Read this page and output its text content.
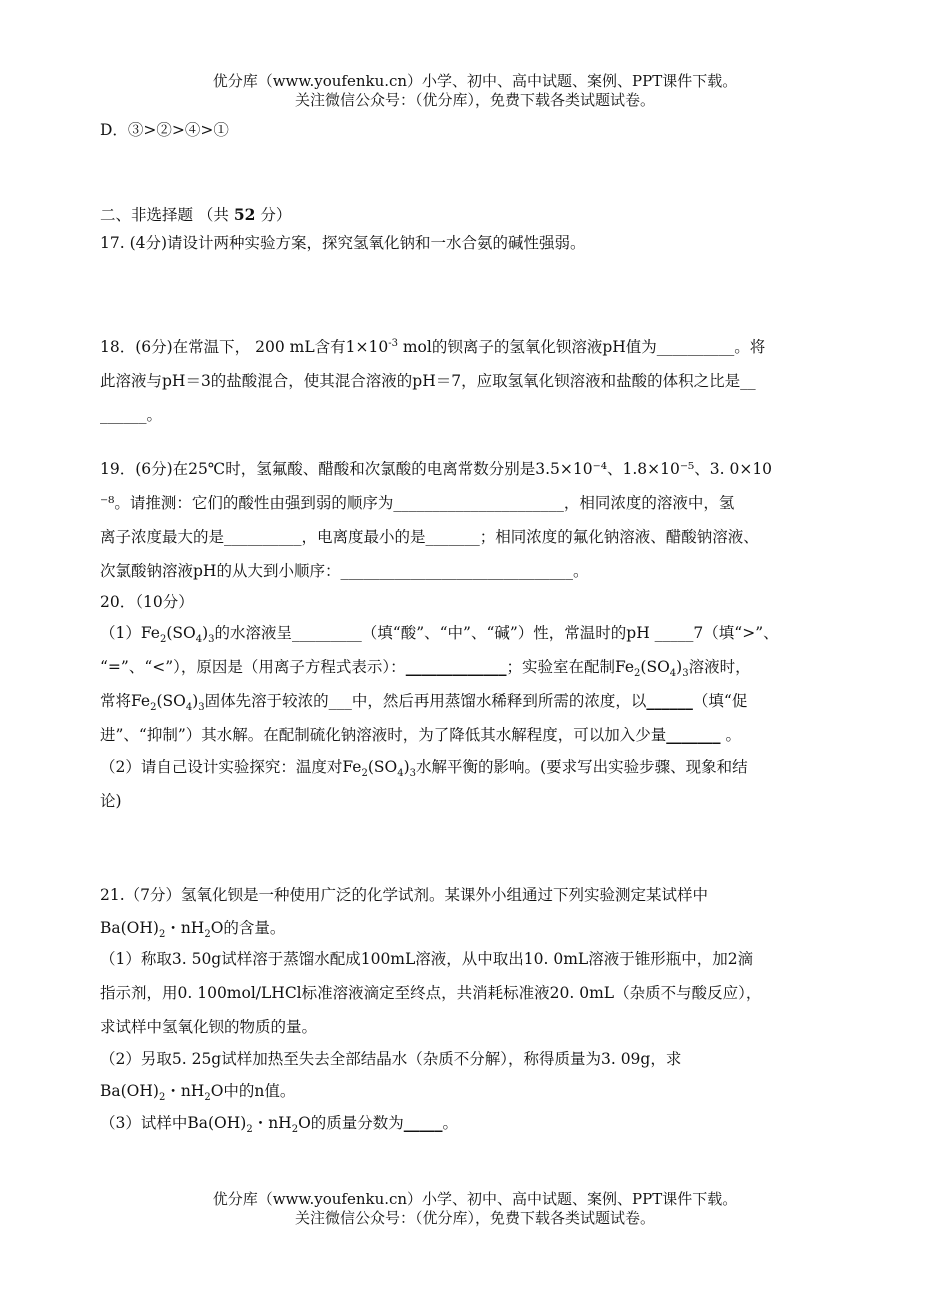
优分库（www.youfenku.cn）小学、初中、高中试题、案例、PPT课件下载。
关注微信公众号：（优分库），免费下载各类试题试卷。
D．③>②>④>①
二、非选择题 （共 52 分）
17. (4分)请设计两种实验方案，探究氢氧化钠和一水合氨的碱性强弱。
18．(6分)在常温下， 200 mL含有$1\times 10^{-3}$ mol的钡离子的氢氧化钡溶液pH值为__________。将
此溶液与pH＝3的盐酸混合，使其混合溶液的pH＝7，应取氢氧化钡溶液和盐酸的体积之比是__
______。
19．(6分)在25℃时，氢氟酸、醋酸和次氯酸的电离常数分别是3.5×10⁻⁴、1.8×10⁻⁵、3. 0×10
⁻⁸。请推测：它们的酸性由强到弱的顺序为______________________，相同浓度的溶液中，氢
离子浓度最大的是__________，电离度最小的是_______；相同浓度的氟化钠溶液、醋酸钠溶液、
次氯酸钠溶液pH的从大到小顺序：______________________________。
20．（10分）
$(1)Fe_2(SO_4)_3$的水溶液呈_________（填“酸”、“中”、“碱”）性，常温时的pH _____7（填“>”、
“=”、“<”），原因是（用离子方程式表示）：_____________；实验室在配制$Fe_2(SO_4)_3$溶液时，
常将$Fe_2(SO_4)_3$固体先溶于较浓的___中，然后再用蒸馏水稀释到所需的浓度，以______（填“促
进”、“抑制”）其水解。在配制硫化钠溶液时，为了降低其水解程度，可以加入少量_______ 。
（2）请自己设计实验探究：温度对$Fe_2(SO_4)_3$水解平衡的影响。(要求写出实验步骤、现象和结
论)
21.（7分）氢氧化钡是一种使用广泛的化学试剂。某课外小组通过下列实验测定某试样中
$Ba(OH)_2$・$nH_2O$的含量。
（1）称取3. 50g试样溶于蒸馏水配成100mL溶液，从中取出10. 0mL溶液于锥形瓶中，加2滴
指示剂，用0. 100mol/LHCl标准溶液滴定至终点，共消耗标准液20. 0mL（杂质不与酸反应），
求试样中氢氧化钡的物质的量。
（2）另取5. 25g试样加热至失去全部结晶水（杂质不分解），称得质量为3. 09g，求
$Ba(OH)_2$・$nH_2O$中的n值。
（3）试样中$Ba(OH)_2$・$nH_2O$的质量分数为_____。
优分库（www.youfenku.cn）小学、初中、高中试题、案例、PPT课件下载。
关注微信公众号：（优分库），免费下载各类试题试卷。
